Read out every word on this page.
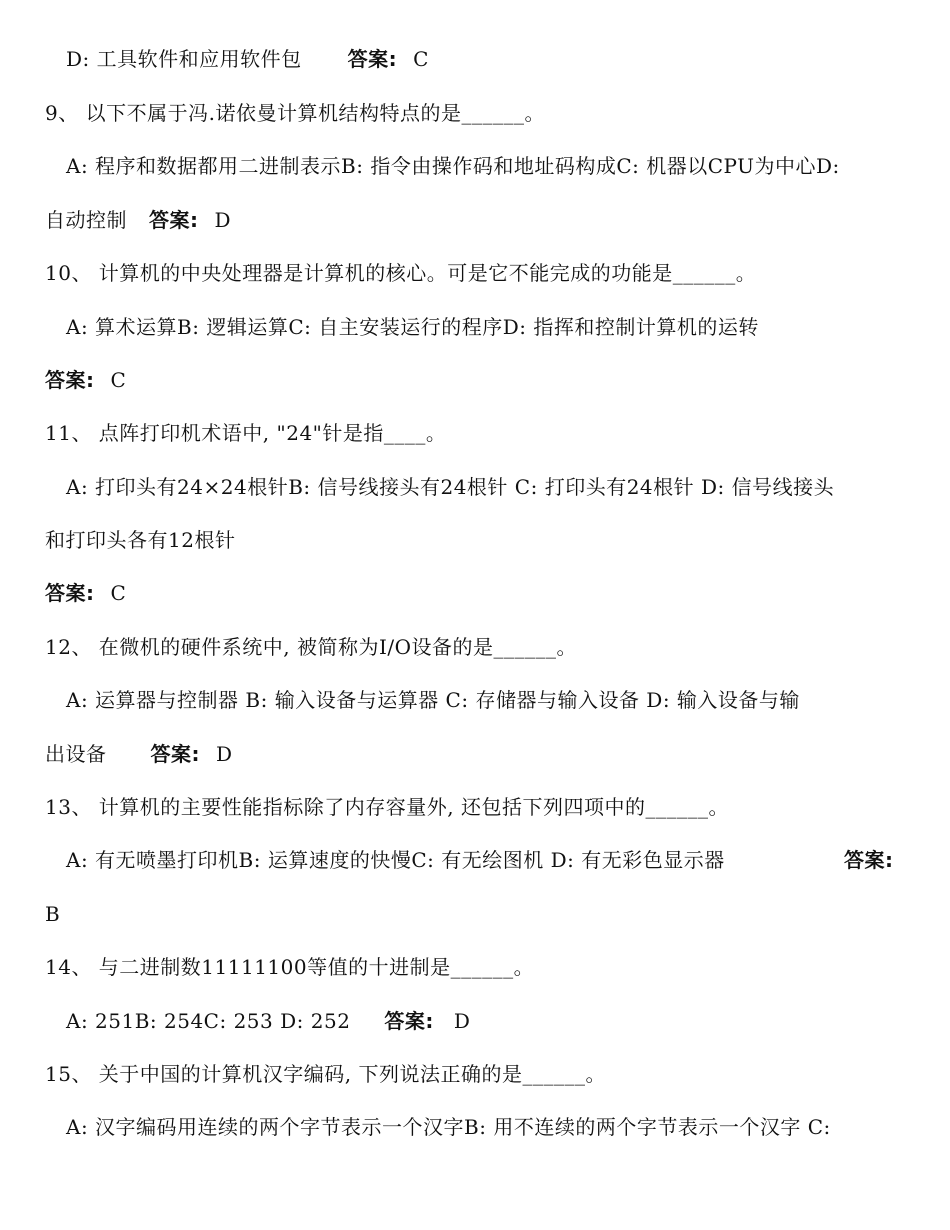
D: 工具软件和应用软件包 答案: C
9、 以下不属于冯.诺依曼计算机结构特点的是______。
A: 程序和数据都用二进制表示B: 指令由操作码和地址码构成C: 机器以CPU为中心D:
自动控制 答案: D
10、 计算机的中央处理器是计算机的核心。可是它不能完成的功能是______。
A: 算术运算B: 逻辑运算C: 自主安装运行的程序D: 指挥和控制计算机的运转
答案: C
11、 点阵打印机术语中, "24"针是指____。
A: 打印头有24×24根针B: 信号线接头有24根针 C: 打印头有24根针 D: 信号线接头
和打印头各有12根针
答案: C
12、 在微机的硬件系统中, 被简称为I/O设备的是______。
A: 运算器与控制器 B: 输入设备与运算器 C: 存储器与输入设备 D: 输入设备与输
出设备 答案: D
13、 计算机的主要性能指标除了内存容量外, 还包括下列四项中的______。
A: 有无喷墨打印机B: 运算速度的快慢C: 有无绘图机 D: 有无彩色显示器	答案:
B
14、 与二进制数11111100等值的十进制是______。
A: 251B: 254C: 253 D: 252 答案: D
15、 关于中国的计算机汉字编码, 下列说法正确的是______。
A: 汉字编码用连续的两个字节表示一个汉字B: 用不连续的两个字节表示一个汉字 C:
